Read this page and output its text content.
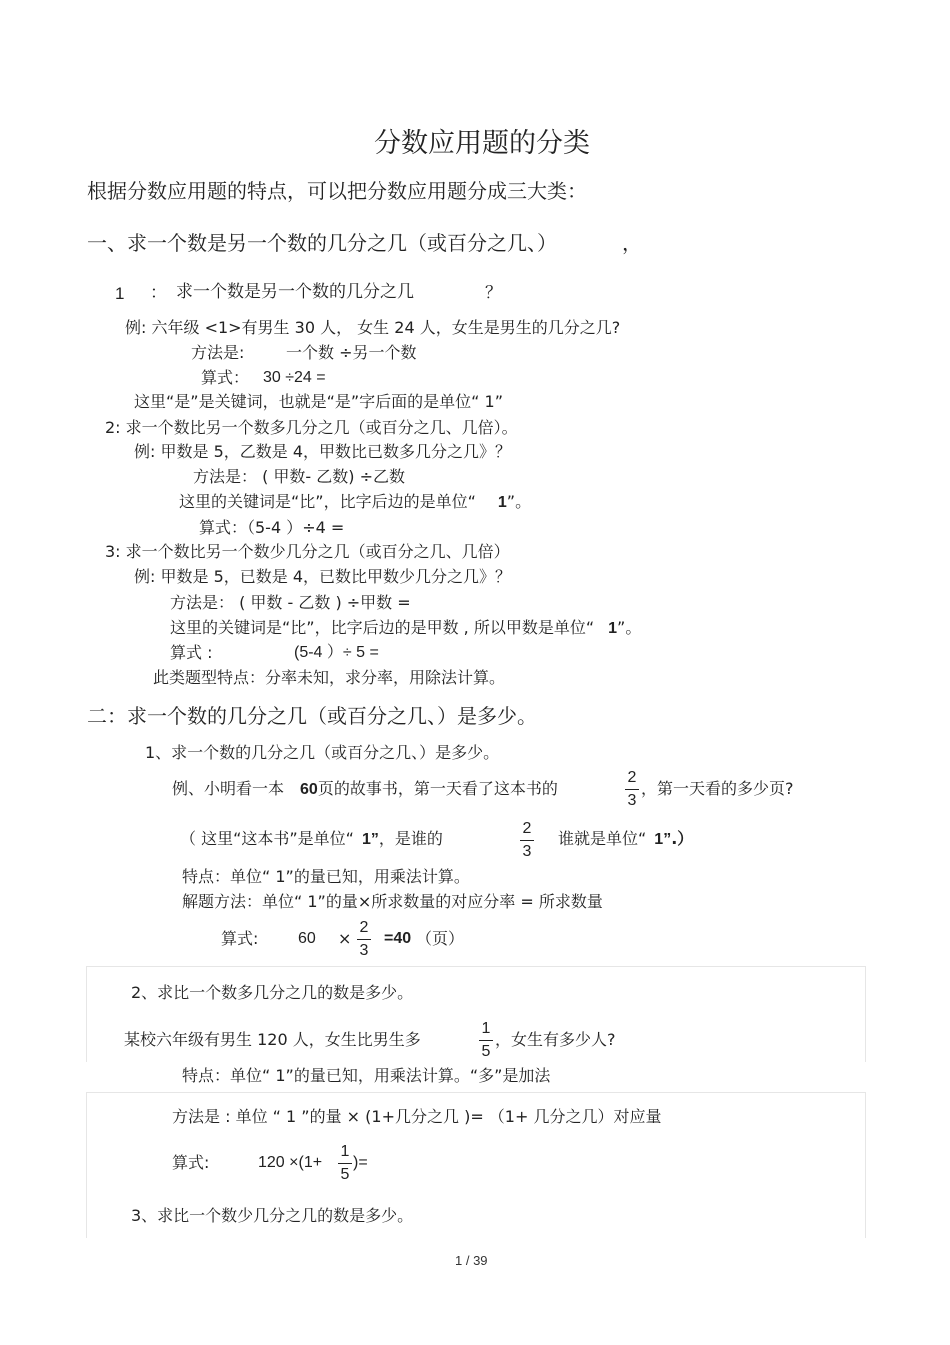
分数应用题的分类
根据分数应用题的特点，可以把分数应用题分成三大类：
一、求一个数是另一个数的几分之几（或百分之几、）	，
1 ： 求一个数是另一个数的几分之几	？
例: 六年级 <1>有男生 30 人， 女生 24 人，女生是男生的几分之几?
方法是:	一个数 ÷另一个数
算式： 30 ÷24 =
这里“是”是关键词，也就是“是”字后面的是单位“ 1”
2: 求一个数比另一个数多几分之几（或百分之几、几倍）。
例: 甲数是 5，乙数是 4，甲数比已数多几分之几》？
方法是： ( 甲数- 乙数) ÷乙数
这里的关键词是“比”，比字后边的是单位“ 1”。
算式：（5-4 ）÷4 =
3: 求一个数比另一个数少几分之几（或百分之几、几倍）
例: 甲数是 5，已数是 4，已数比甲数少几分之几》？
方法是： ( 甲数 - 乙数 ) ÷甲数 =
这里的关键词是“比”，比字后边的是甲数 , 所以甲数是单位“ 1”。
算式 :	(5-4 ）÷ 5 =
此类题型特点：分率未知，求分率，用除法计算。
二：求一个数的几分之几（或百分之几、）是多少。
1、求一个数的几分之几（或百分之几、）是多少。
例、小明看一本 60页的故事书，第一天看了这本书的
2
3
，第一天看的多少页?
（ 这里“这本书”是单位“ 1”，是谁的
2
3
谁就是单位“ 1”.）
特点：单位“ 1”的量已知，用乘法计算。
解题方法：单位“ 1”的量×所求数量的对应分率 = 所求数量
算式: 60 ×
2
3
=40 （页）
2、求比一个数多几分之几的数是多少。
某校六年级有男生 120 人，女生比男生多
1
5
，女生有多少人?
特点：单位“ 1”的量已知，用乘法计算。“多”是加法
方法是 : 单位 “ 1 ”的量 × (1+几分之几 )= （1+ 几分之几）对应量
算式:	120 ×(1+
1
5
)=
3、求比一个数少几分之几的数是多少。
1 / 39
